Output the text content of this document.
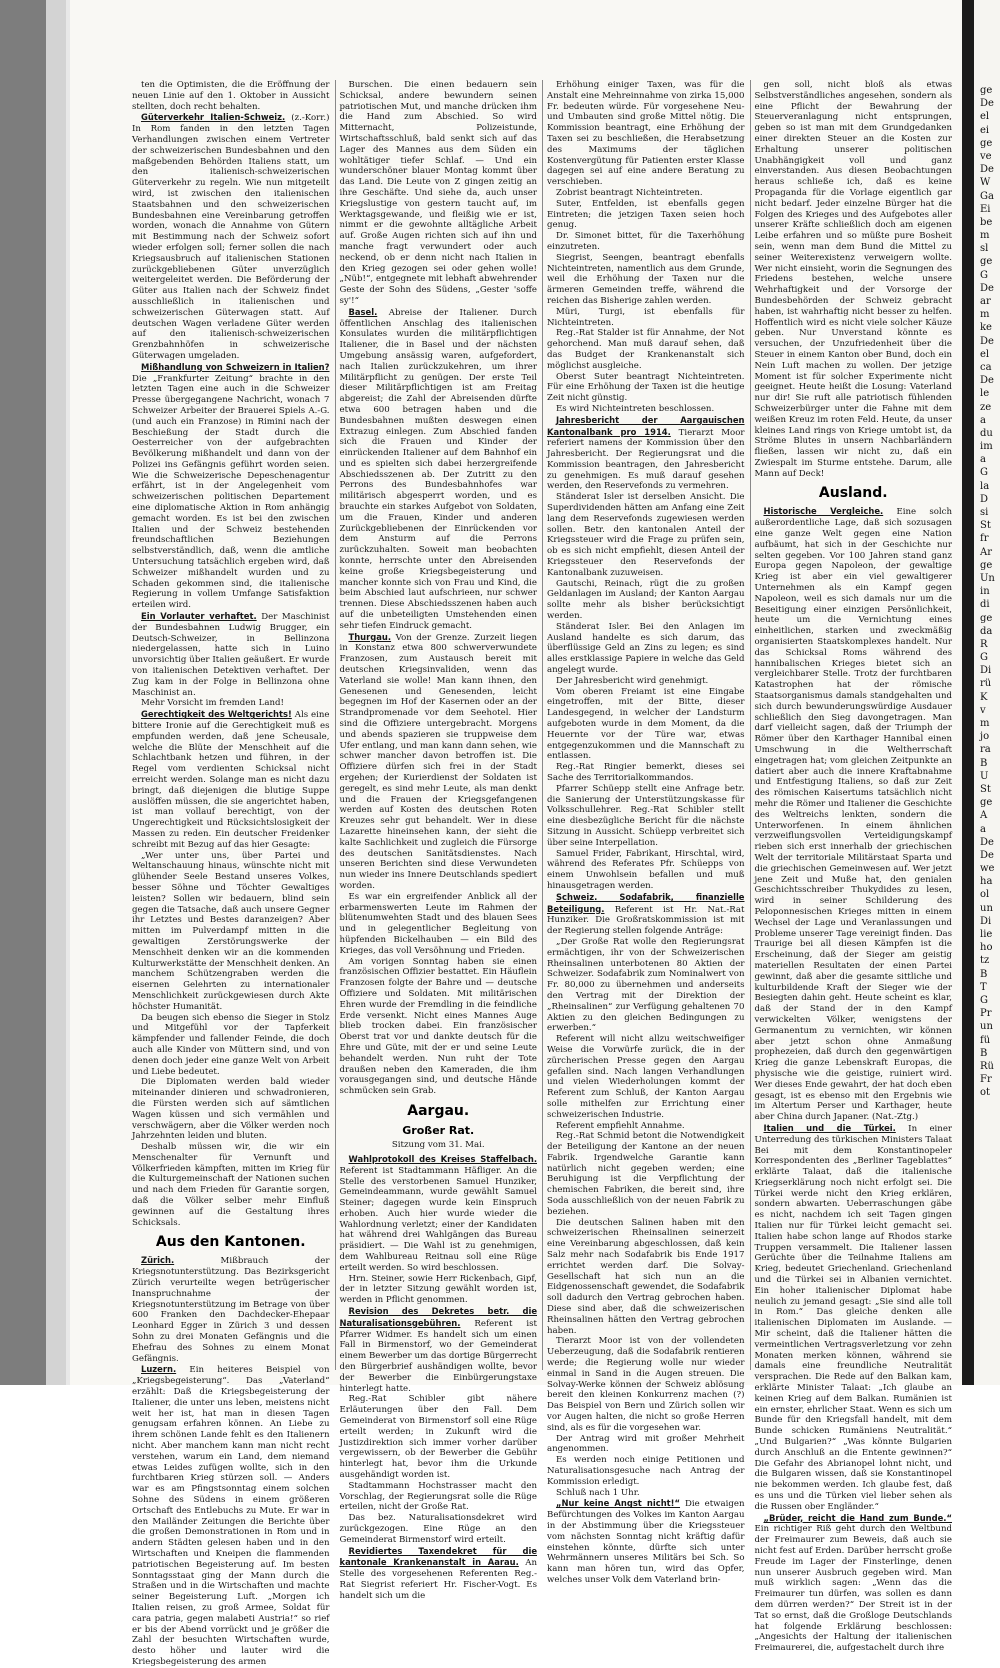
ten die Optimisten, die die Eröffnung der neuen Linie auf den 1. Oktober in Aussicht stellten, doch recht behalten.

Güterverkehr Italien-Schweiz. (z.-Korr.) In Rom fanden in den letzten Tagen Verhandlungen zwischen einem Vertreter der schweizerischen Bundesbahnen und den maßgebenden Behörden Italiens statt, um den italienisch-schweizerischen Güterverkehr zu regeln. Wie nun mitgeteilt wird, ist zwischen den italienischen Staatsbahnen und den schweizerischen Bundesbahnen eine Vereinbarung getroffen worden, wonach die Annahme von Gütern mit Bestimmung nach der Schweiz sofort wieder erfolgen soll; ferner sollen die nach Kriegsausbruch auf italienischen Stationen zurückgebliebenen Güter unverzüglich weitergeleitet werden. Die Beförderung der Güter aus Italien nach der Schweiz findet ausschließlich in italienischen und schweizerischen Güterwagen statt. Auf deutschen Wagen verladene Güter werden auf den italienisch-schweizerischen Grenzbahnhöfen in schweizerische Güterwagen umgeladen.

Mißhandlung von Schweizern in Italien? Die „Frankfurter Zeitung“ brachte in den letzten Tagen eine auch in die Schweizer Presse übergegangene Nachricht, wonach 7 Schweizer Arbeiter der Brauerei Spiels A.-G. (und auch ein Franzose) in Rimini nach der Beschießung der Stadt durch die Oesterreicher von der aufgebrachten Bevölkerung mißhandelt und dann von der Polizei ins Gefängnis geführt worden seien. Wie die Schweizerische Depeschenagentur erfährt, ist in der Angelegenheit vom schweizerischen politischen Departement eine diplomatische Aktion in Rom anhängig gemacht worden. Es ist bei den zwischen Italien und der Schweiz bestehenden freundschaftlichen Beziehungen selbstverständlich, daß, wenn die amtliche Untersuchung tatsächlich ergeben wird, daß Schweizer mißhandelt wurden und zu Schaden gekommen sind, die italienische Regierung in vollem Umfange Satisfaktion erteilen wird.

Ein Vorlauter verhaftet. Der Maschinist der Bundesbahnen Ludwig Brugger, ein Deutsch-Schweizer, in Bellinzona niedergelassen, hatte sich in Luino unvorsichtig über Italien geäußert. Er wurde von italienischen Detektiven verhaftet. Der Zug kam in der Folge in Bellinzona ohne Maschinist an.

Mehr Vorsicht im fremden Land!

Gerechtigkeit des Weltgerichts! Als eine bittere Ironie auf die Gerechtigkeit muß es empfunden werden, daß jene Scheusale, welche die Blüte der Menschheit auf die Schlachtbank hetzen und führen, in der Regel vom verdienten Schicksal nicht erreicht werden. Solange man es nicht dazu bringt, daß diejenigen die blutige Suppe auslöffen müssen, die sie angerichtet haben, ist man vollauf berechtigt, von der Ungerechtigkeit und Rücksichtslosigkeit der Massen zu reden. Ein deutscher Freidenker schreibt mit Bezug auf das hier Gesagte:

„Wer unter uns, über Partei und Weltanschauung hinaus, wünschte nicht mit glühender Seele Bestand unseres Volkes, besser Söhne und Töchter Gewaltiges leisten? Sollen wir bedauern, blind sein gegen die Tatsache, daß auch unsere Gegner ihr Letztes und Bestes daranzeigen? Aber mitten im Pulverdampf mitten in die gewaltigen Zerstörungswerke der Menschheit denken wir an die kommenden Kulturwerkstätte der Menschheit denken. An manchem Schützengraben werden die eisernen Gelehrten zu internationaler Menschlichkeit zurückgewiesen durch Akte höchster Humanität.

Da beugen sich ebenso die Sieger in Stolz und Mitgefühl vor der Tapferkeit kämpfender und fallender Feinde, die doch auch alle Kinder von Müttern sind, und von denen doch jeder eine ganze Welt von Arbeit und Liebe bedeutet.

Die Diplomaten werden bald wieder miteinander dinieren und schwadronieren, die Fürsten werden sich auf sämtlichen Wagen küssen und sich vermählen und verschwägern, aber die Völker werden noch Jahrzehnten leiden und bluten.

Deshalb müssen wir, die wir ein Menschenalter für Vernunft und Völkerfrieden kämpften, mitten im Krieg für die Kulturgemeinschaft der Nationen suchen und nach dem Frieden für Garantie sorgen, daß die Völker selber mehr Einfluß gewinnen auf die Gestaltung ihres Schicksals.

Aus den Kantonen.

Zürich.	Mißbrauch der Kriegsnotunterstützung. Das Bezirksgericht Zürich verurteilte wegen betrügerischer Inanspruchnahme der Kriegsnotunterstützung im Betrage von über 600 Franken den Dachdecker-Ehepaar Leonhard Egger in Zürich 3 und dessen Sohn zu drei Monaten Gefängnis und die Ehefrau des Sohnes zu einem Monat Gefängnis.

Luzern. Ein heiteres Beispiel von „Kriegsbegeisterung“. Das „Vaterland“ erzählt: Daß die Kriegsbegeisterung der Italiener, die unter uns leben, meistens nicht weit her ist, hat man in diesen Tagen genugsam erfahren können. An Liebe zu ihrem schönen Lande fehlt es den Italienern nicht. Aber manchem kann man nicht recht verstehen, warum ein Land, dem niemand etwas Leides zufügen wollte, sich in den furchtbaren Krieg stürzen soll. — Anders war es am Pfingstsonntag einem solchen Sohne des Südens in einem größeren Ortschaft des Entlebuchs zu Mute. Er war in den Mailänder Zeitungen die Berichte über die großen Demonstrationen in Rom und in andern Städten gelesen haben und in den Wirtschaften und Kneipen die flammenden patriotischen Begeisterung auf. Im besten Sonntagsstaat ging der Mann durch die Straßen und in die Wirtschaften und machte seiner Begeisterung Luft. „Morgen ich Italien reisen, zu groß Armee, Soldat für cara patria, gegen malabeti Austria!“ so rief er bis der Abend vorrückt und je größer die Zahl der besuchten Wirtschaften wurde, desto höher und lauter wird die Kriegsbegeisterung des armen

Burschen. Die einen bedauern sein Schicksal, andere bewundern seinen patriotischen Mut, und manche drücken ihm die Hand zum Abschied. So wird Mitternacht, Polizeistunde, Wirtschaftsschluß, bald senkt sich auf das Lager des Mannes aus dem Süden ein wohltätiger tiefer Schlaf. — Und ein wunderschöner blauer Montag kommt über das Land. Die Leute von Z gingen zeitig an ihre Geschäfte. Und siehe da, auch unser Kriegslustige von gestern taucht auf, im Werktagsgewande, und fleißig wie er ist, nimmt er die gewohnte alltägliche Arbeit auf. Große Augen richten sich auf ihn und manche fragt verwundert oder auch neckend, ob er denn nicht nach Italien in den Krieg gezogen sei oder gehen wolle! „Nüb!“, entgegnete mit lebhaft abwehrender Geste der Sohn des Südens, „Gester 'soffe sy'!“

Basel. Abreise der Italiener. Durch öffentlichen Anschlag des italienischen Konsulates wurden die militärpflichtigen Italiener, die in Basel und der nächsten Umgebung ansässig waren, aufgefordert, nach Italien zurückzukehren, um ihrer Militärpflicht zu genügen. Der erste Teil dieser Militärpflichtigen ist am Freitag abgereist; die Zahl der Abreisenden dürfte etwa 600 betragen haben und die Bundesbahnen mußten deswegen einen Extrazug einlegen. Zum Abschied fanden sich die Frauen und Kinder der einrückenden Italiener auf dem Bahnhof ein und es spielten sich dabei herzergreifende Abschiedsszenen ab. Der Zutritt zu den Perrons des Bundesbahnhofes war militärisch abgesperrt worden, und es brauchte ein starkes Aufgebot von Soldaten, um die Frauen, Kinder und anderen Zurückgebliebenen der Einrückenden vor dem Ansturm auf die Perrons zurückzuhalten. Soweit man beobachten konnte, herrschte unter den Abreisenden keine große Kriegsbegeisterung und mancher konnte sich von Frau und Kind, die beim Abschied laut aufschrieen, nur schwer trennen. Diese Abschiedsszenen haben auch auf die unbeteiligten Umstehenden einen sehr tiefen Eindruck gemacht.

Thurgau. Von der Grenze. Zurzeit liegen in Konstanz etwa 800 schwerverwundete Franzosen, zum Austausch bereit mit deutschen Kriegsinvaliden, wenn das Vaterland sie wolle! Man kann ihnen, den Genesenen und Genesenden, leicht begegnen im Hof der Kasernen oder an der Strandpromenade vor dem Seehotel. Hier sind die Offiziere untergebracht. Morgens und abends spazieren sie truppweise dem Ufer entlang, und man kann dann sehen, wie schwer mancher davon betroffen ist. Die Offiziere dürfen sich frei in der Stadt ergehen; der Kurierdienst der Soldaten ist geregelt, es sind mehr Leute, als man denkt und die Frauen der Kriegsgefangenen werden auf Kosten des deutschen Roten Kreuzes sehr gut behandelt. Wer in diese Lazarette hineinsehen kann, der sieht die kalte Sachlichkeit und zugleich die Fürsorge des deutschen Sanitätsdienstes. Nach unseren Berichten sind diese Verwundeten nun wieder ins Innere Deutschlands spediert worden.

Es war ein ergreifender Anblick all der erbarmenswerten Leute im Rahmen der blütenumwehten Stadt und des blauen Sees und in gelegentlicher Begleitung von hüpfenden Bickelhauben — ein Bild des Krieges, das voll Versöhnung und Frieden.

Am vorigen Sonntag haben sie einen französischen Offizier bestattet. Ein Häuflein Franzosen folgte der Bahre und — deutsche Offiziere und Soldaten. Mit militärischen Ehren wurde der Fremdling in die feindliche Erde versenkt. Nicht eines Mannes Auge blieb trocken dabei. Ein französischer Oberst trat vor und dankte deutsch für die Ehre und Güte, mit der er und seine Leute behandelt werden. Nun ruht der Tote draußen neben den Kameraden, die ihm vorausgegangen sind, und deutsche Hände schmücken sein Grab.

Aargau.
Großer Rat.
Sitzung vom 31. Mai.

Wahlprotokoll des Kreises Staffelbach. Referent ist Stadtammann Häfliger. An die Stelle des verstorbenen Samuel Hunziker, Gemeindeammann, wurde gewählt Samuel Steiner; dagegen wurde kein Einspruch erhoben. Auch hier wurde wieder die Wahlordnung verletzt; einer der Kandidaten hat während drei Wahlgängen das Bureau präsidiert. — Die Wahl ist zu genehmigen, dem Wahlbureau Reitnau soll eine Rüge erteilt werden. So wird beschlossen.

Hrn. Steiner, sowie Herr Rickenbach, Gipf, der in letzter Sitzung gewählt worden ist, werden in Pflicht genommen.

Revision des Dekretes betr. die Naturalisationsgebühren. Referent ist Pfarrer Widmer. Es handelt sich um einen Fall in Birmenstorf, wo der Gemeinderat einem Bewerber um das dortige Bürgerrecht den Bürgerbrief aushändigen wollte, bevor der Bewerber die Einbürgerungstaxe hinterlegt hatte.

Reg.-Rat Schibler gibt nähere Erläuterungen über den Fall. Dem Gemeinderat von Birmenstorf soll eine Rüge erteilt werden; in Zukunft wird die Justizdirektion sich immer vorher darüber vergewissern, ob der Bewerber die Gebühr hinterlegt hat, bevor ihm die Urkunde ausgehändigt worden ist.

Stadtammann Hochstrasser macht den Vorschlag, der Regierungsrat solle die Rüge erteilen, nicht der Große Rat.

Das bez. Naturalisationsdekret wird zurückgezogen. Eine Rüge an den Gemeinderat Birmenstorf wird erteilt.

Revidiertes Taxendekret für die kantonale Krankenanstalt in Aarau. An Stelle des vorgesehenen Referenten Reg.-Rat Siegrist referiert Hr. Fischer-Vogt. Es handelt sich um die

Erhöhung einiger Taxen, was für die Anstalt eine Mehreinnahme von zirka 15,000 Fr. bedeuten würde. Für vorgesehene Neu- und Umbauten sind große Mittel nötig. Die Kommission beantragt, eine Erhöhung der Taxen sei zu beschließen, die Herabsetzung des Maximums der täglichen Kostenvergütung für Patienten erster Klasse dagegen sei auf eine andere Beratung zu verschieben.

Zobrist beantragt Nichteintreten.

Suter, Entfelden, ist ebenfalls gegen Eintreten; die jetzigen Taxen seien hoch genug.

Dr. Simonet bittet, für die Taxerhöhung einzutreten.

Siegrist, Seengen, beantragt ebenfalls Nichteintreten, namentlich aus dem Grunde, weil die Erhöhung der Taxen nur die ärmeren Gemeinden treffe, während die reichen das Bisherige zahlen werden.

Müri, Turgi, ist ebenfalls für Nichteintreten.

Reg.-Rat Stalder ist für Annahme, der Not gehorchend. Man muß darauf sehen, daß das Budget der Krankenanstalt sich möglichst ausgleiche.

Oberst Suter beantragt Nichteintreten. Für eine Erhöhung der Taxen ist die heutige Zeit nicht günstig.

Es wird Nichteintreten beschlossen.

Jahresbericht der Aargauischen Kantonalbank pro 1914. Tierarzt Moor referiert namens der Kommission über den Jahresbericht. Der Regierungsrat und die Kommission beantragen, den Jahresbericht zu genehmigen. Es muß darauf gesehen werden, den Reservefonds zu vermehren.

Ständerat Isler ist derselben Ansicht. Die Superdividenden hätten am Anfang eine Zeit lang dem Reservefonds zugewiesen werden sollen. Betr. den kantonalen Anteil der Kriegssteuer wird die Frage zu prüfen sein, ob es sich nicht empfiehlt, diesen Anteil der Kriegssteuer den Reservefonds der Kantonalbank zuzuweisen.

Gautschi, Reinach, rügt die zu großen Geldanlagen im Ausland; der Kanton Aargau sollte mehr als bisher berücksichtigt werden.

Ständerat Isler. Bei den Anlagen im Ausland handelte es sich darum, das überflüssige Geld an Zins zu legen; es sind alles erstklassige Papiere in welche das Geld angelegt wurde.

Der Jahresbericht wird genehmigt.

Vom oberen Freiamt ist eine Eingabe eingetroffen, mit der Bitte, dieser Landesgegend, in welcher der Landsturm aufgeboten wurde in dem Moment, da die Heuernte vor der Türe war, etwas entgegenzukommen und die Mannschaft zu entlassen.

Reg.-Rat Ringier bemerkt, dieses sei Sache des Territorialkommandos.

Pfarrer Schüepp stellt eine Anfrage betr. die Sanierung der Unterstützungskasse für Volksschullehrer. Reg.-Rat Schibler stellt eine diesbezügliche Bericht für die nächste Sitzung in Aussicht. Schüepp verbreitet sich über seine Interpellation.

Samuel Frider, Fabrikant, Hirschtal, wird, während des Referates Pfr. Schüepps von einem Unwohlsein befallen und muß hinausgetragen werden.

Schweiz. Sodafabrik, finanzielle Beteiligung. Referent ist Hr. Nat.-Rat Hunziker. Die Großratskommission ist mit der Regierung stellen folgende Anträge:

„Der Große Rat wolle den Regierungsrat ermächtigen, ihr von der Schweizerischen Rheinsalinen unterbotenen 80 Aktien der Schweizer. Sodafabrik zum Nominalwert von Fr. 80,000 zu übernehmen und anderseits den Vertrag mit der Direktion der „Rheinsalinen“ zur Verfügung gehaltenen 70 Aktien zu den gleichen Bedingungen zu erwerben.“

Referent will nicht allzu weitschweifiger Weise die Vorwürfe zurück, die in der zürcherischen Presse gegen den Aargau gefallen sind. Nach langen Verhandlungen und vielen Wiederholungen kommt der Referent zum Schluß, der Kanton Aargau solle mithelfen zur Errichtung einer schweizerischen Industrie.

Referent empfiehlt Annahme.

Reg.-Rat Schmid betont die Notwendigkeit der Beteiligung der Kantone an der neuen Fabrik. Irgendwelche Garantie kann natürlich nicht gegeben werden; eine Beruhigung ist die Verpflichtung der chemischen Fabriken, die bereit sind, ihre Soda ausschließlich von der neuen Fabrik zu beziehen.

Die deutschen Salinen haben mit den schweizerischen Rheinsalinen seinerzeit eine Vereinbarung abgeschlossen, daß kein Salz mehr nach Sodafabrik bis Ende 1917 errichtet werden darf. Die Solvay-Gesellschaft hat sich nun an die Eidgenossenschaft gewendet, die Sodafabrik soll dadurch den Vertrag gebrochen haben. Diese sind aber, daß die schweizerischen Rheinsalinen hätten den Vertrag gebrochen haben.

Tierarzt Moor ist von der vollendeten Ueberzeugung, daß die Sodafabrik rentieren werde; die Regierung wolle nur wieder einmal in Sand in die Augen streuen. Die Solvay-Werke können der Schweiz ablösung bereit den kleinen Konkurrenz machen (?) Das Beispiel von Bern und Zürich sollen wir vor Augen halten, die nicht so große Herren sind, als es für die vorgesehen war.

Der Antrag wird mit großer Mehrheit angenommen.

Es werden noch einige Petitionen und Naturalisationsgesuche nach Antrag der Kommission erledigt.

Schluß nach 1 Uhr.

„Nur keine Angst nicht!“ Die etwaigen Befürchtungen des Volkes im Kanton Aargau in der Abstimmung über die Kriegssteuer vom nächsten Sonntag nicht kräftig dafür einstehen könnte, dürfte sich unter Wehrmännern unseres Militärs bei Sch. So kann man hören tun, wird das Opfer, welches unser Volk dem Vaterland brin-

gen soll, nicht bloß als etwas Selbstverständliches angesehen, sondern als eine Pflicht der Bewahrung der Steuerveranlagung nicht entsprungen, geben so ist man mit dem Grundgedanken einer direkten Steuer an die Kosten zur Erhaltung unserer politischen Unabhängigkeit voll und ganz einverstanden. Aus diesen Beobachtungen heraus schließe ich, daß es keine Propaganda für die Vorlage eigentlich gar nicht bedarf. Jeder einzelne Bürger hat die Folgen des Krieges und des Aufgebotes aller unserer Kräfte schließlich doch am eigenen Leibe erfahren und so müßte pure Bosheit sein, wenn man dem Bund die Mittel zu seiner Weiterexistenz verweigern wollte. Wer nicht einsieht, worin die Segnungen des Friedens bestehen, welche unsere Wehrhaftigkeit und der Vorsorge der Bundesbehörden der Schweiz gebracht haben, ist wahrhaftig nicht besser zu helfen. Hoffentlich wird es nicht viele solcher Käuze geben. Nur Unverstand könnte es versuchen, der Unzufriedenheit über die Steuer in einem Kanton ober Bund, doch ein Nein Luft machen zu wollen. Der jetzige Moment ist für solcher Experimente nicht geeignet. Heute heißt die Losung: Vaterland nur dir! Sie ruft alle patriotisch fühlenden Schweizerbürger unter die Fahne mit dem weißen Kreuz im roten Feld. Heute, da unser kleines Land rings von Kriege umtobt ist, da Ströme Blutes in unsern Nachbarländern fließen, lassen wir nicht zu, daß ein Zwiespalt im Sturme entstehe. Darum, alle Mann auf Deck!

Ausland.

Historische Vergleiche. Eine solch außerordentliche Lage, daß sich sozusagen eine ganze Welt gegen eine Nation aufbäumt, hat sich in der Geschichte nur selten gegeben. Vor 100 Jahren stand ganz Europa gegen Napoleon, der gewaltige Krieg ist aber ein viel gewaltigerer Unternehmen als ein Kampf gegen Napoleon, weil es sich damals nur um die Beseitigung einer einzigen Persönlichkeit, heute um die Vernichtung eines einheitlichen, starken und zweckmäßig organisierten Staatskomplexes handelt. Nur das Schicksal Roms während des hannibalischen Krieges bietet sich an vergleichbarer Stelle. Trotz der furchtbaren Katastrophen hat der römische Staatsorganismus damals standgehalten und sich durch bewunderungswürdige Ausdauer schließlich den Sieg davongetragen. Man darf vielleicht sagen, daß der Triumph der Römer über den Karthager Hannibal einen Umschwung in die Weltherrschaft eingetragen hat; vom gleichen Zeitpunkte an datiert aber auch die innere Kraftabnahme und Entfestigung Italiens, so daß zur Zeit des römischen Kaisertums tatsächlich nicht mehr die Römer und Italiener die Geschichte des Weltreichs lenkten, sondern die Unterworfenen. In einem ähnlichen verzweiflungsvollen Verteidigungskampf rieben sich erst innerhalb der griechischen Welt der territoriale Militärstaat Sparta und die griechischen Gemeinwesen auf. Wer jetzt jene Zeit und Muße hat, den genialen Geschichtsschreiber Thukydides zu lesen, wird in seiner Schilderung des Peloponnesischen Krieges mitten in einem Wechsel der Lage und Veranlassungen und Probleme unserer Tage vereinigt finden. Das Traurige bei all diesen Kämpfen ist die Erscheinung, daß der Sieger am geistig materiellen Resultaten der einen Partei gewinnt, daß aber die gesamte sittliche und kulturbildende Kraft der Sieger wie der Besiegten dahin geht. Heute scheint es klar, daß der Stand der in den Kampf verwickelten Völker, wenigstens der Germanentum zu vernichten, wir können aber jetzt schon ohne Anmaßung prophezeien, daß durch den gegenwärtigen Krieg die ganze Lebenskraft Europas, die physische wie die geistige, ruiniert wird. Wer dieses Ende gewahrt, der hat doch eben gesagt, ist es ebenso mit den Ergebnis wie im Altertum Perser und Karthager, heute aber China durch Japaner. (Nat.-Ztg.)

Italien und die Türkei. In einer Unterredung des türkischen Ministers Talaat Bei mit dem Konstantinopeler Korrespondenten des „Berliner Tageblattes“ erklärte Talaat, daß die italienische Kriegserklärung noch nicht erfolgt sei. Die Türkei werde nicht den Krieg erklären, sondern abwarten. Ueberraschungen gäbe es nicht, nachdem ich seit Tagen gingen Italien nur für Türkei leicht gemacht sei. Italien habe schon lange auf Rhodos starke Truppen versammelt. Die Italiener lassen Gerüchte über die Teilnahme Italiens am Krieg, bedeutet Griechenland. Griechenland und die Türkei sei in Albanien vernichtet. Ein hoher italienischer Diplomat habe neulich zu jemand gesagt: „Sie sind alle toll in Rom.“ Das gleiche denken alle italienischen Diplomaten im Auslande. — Mir scheint, daß die Italiener hätten die vermeintlichen Vertragsverletzung vor zehn Monaten merken können, während sie damals eine freundliche Neutralität versprachen. Die Rede auf den Balkan kam, erklärte Minister Talaat: „Ich glaube an keinen Krieg auf dem Balkan. Rumänien ist ein ernster, ehrlicher Staat. Wenn es sich um Bunde für den Kriegsfall handelt, mit dem Bunde schicken Rumäniens Neutralität.“ „Und Bulgarien?“ „Was könnte Bulgarien durch Anschluß an die Entente gewinnen?“ Die Gefahr des Abrianopel lohnt nicht, und die Bulgaren wissen, daß sie Konstantinopel nie bekommen werden. Ich glaube fest, daß es uns und die Türken viel lieber sehen als die Russen ober Engländer.“

„Brüder, reicht die Hand zum Bunde.“ Ein richtiger Riß geht durch den Weltbund der Freimaurer zum Beweis, daß auch sie nicht fest auf Erden. Darüber herrscht große Freude im Lager der Finsterlinge, denen nun unserer Ausbruch gegeben wird. Man muß wirklich sagen: „Wenn das die Freimaurer tun dürfen, was sollen es dann dem dürren werden?“ Der Streit ist in der Tat so ernst, daß die Großloge Deutschlands hat folgende Erklärung beschlossen: „Angesichts der Haltung der italienischen Freimaurerei, die, aufgestachelt durch ihre

ge
De
el
ei
ge
ve
De
W
Ga
Ei
be
m
sl
ge
G
De
ar
m
ke
De
el
ca
De
le
ze
a
du
im
a
G
la
D
si
St
fr
Ar
ge
Un
in
di
ge
da
R
G
Di
rü
K
v
m
jo
ra
B
U
St
ge
A
a
De
De
we
ha
ol
un
Di
lie
ho
tz
B
T
G
Pr
un
fü
B
Rü
Fr
ot
